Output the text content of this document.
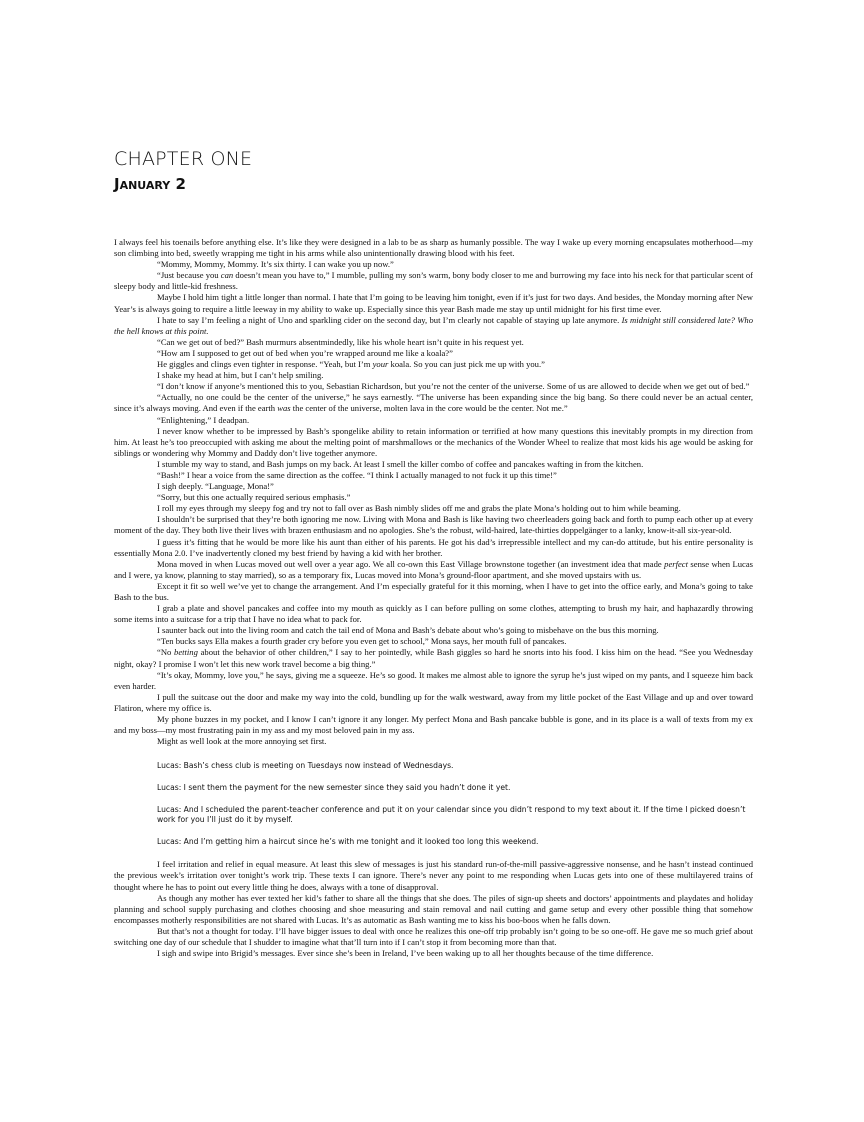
CHAPTER ONE
January 2

I always feel his toenails before anything else. It’s like they were designed in a lab to be as sharp as humanly possible. The way I wake up every morning encapsulates motherhood—my son climbing into bed, sweetly wrapping me tight in his arms while also unintentionally drawing blood with his feet.

“Mommy, Mommy, Mommy. It’s six thirty. I can wake you up now.”

“Just because you can doesn’t mean you have to,” I mumble, pulling my son’s warm, bony body closer to me and burrowing my face into his neck for that particular scent of sleepy body and little-kid freshness.

Maybe I hold him tight a little longer than normal. I hate that I’m going to be leaving him tonight, even if it’s just for two days. And besides, the Monday morning after New Year’s is always going to require a little leeway in my ability to wake up. Especially since this year Bash made me stay up until midnight for his first time ever.

I hate to say I’m feeling a night of Uno and sparkling cider on the second day, but I’m clearly not capable of staying up late anymore. Is midnight still considered late? Who the hell knows at this point.

“Can we get out of bed?” Bash murmurs absentmindedly, like his whole heart isn’t quite in his request yet.

“How am I supposed to get out of bed when you’re wrapped around me like a koala?”

He giggles and clings even tighter in response. “Yeah, but I’m your koala. So you can just pick me up with you.”

I shake my head at him, but I can’t help smiling.

“I don’t know if anyone’s mentioned this to you, Sebastian Richardson, but you’re not the center of the universe. Some of us are allowed to decide when we get out of bed.”

“Actually, no one could be the center of the universe,” he says earnestly. “The universe has been expanding since the big bang. So there could never be an actual center, since it’s always moving. And even if the earth was the center of the universe, molten lava in the core would be the center. Not me.”

“Enlightening,” I deadpan.

I never know whether to be impressed by Bash’s spongelike ability to retain information or terrified at how many questions this inevitably prompts in my direction from him. At least he’s too preoccupied with asking me about the melting point of marshmallows or the mechanics of the Wonder Wheel to realize that most kids his age would be asking for siblings or wondering why Mommy and Daddy don’t live together anymore.

I stumble my way to stand, and Bash jumps on my back. At least I smell the killer combo of coffee and pancakes wafting in from the kitchen.

“Bash!” I hear a voice from the same direction as the coffee. “I think I actually managed to not fuck it up this time!”

I sigh deeply. “Language, Mona!”

“Sorry, but this one actually required serious emphasis.”

I roll my eyes through my sleepy fog and try not to fall over as Bash nimbly slides off me and grabs the plate Mona’s holding out to him while beaming.

I shouldn’t be surprised that they’re both ignoring me now. Living with Mona and Bash is like having two cheerleaders going back and forth to pump each other up at every moment of the day. They both live their lives with brazen enthusiasm and no apologies. She’s the robust, wild-haired, late-thirties doppelgänger to a lanky, know-it-all six-year-old.

I guess it’s fitting that he would be more like his aunt than either of his parents. He got his dad’s irrepressible intellect and my can-do attitude, but his entire personality is essentially Mona 2.0. I’ve inadvertently cloned my best friend by having a kid with her brother.

Mona moved in when Lucas moved out well over a year ago. We all co-own this East Village brownstone together (an investment idea that made perfect sense when Lucas and I were, ya know, planning to stay married), so as a temporary fix, Lucas moved into Mona’s ground-floor apartment, and she moved upstairs with us.

Except it fit so well we’ve yet to change the arrangement. And I’m especially grateful for it this morning, when I have to get into the office early, and Mona’s going to take Bash to the bus.

I grab a plate and shovel pancakes and coffee into my mouth as quickly as I can before pulling on some clothes, attempting to brush my hair, and haphazardly throwing some items into a suitcase for a trip that I have no idea what to pack for.

I saunter back out into the living room and catch the tail end of Mona and Bash’s debate about who’s going to misbehave on the bus this morning.

“Ten bucks says Ella makes a fourth grader cry before you even get to school,” Mona says, her mouth full of pancakes.

“No betting about the behavior of other children,” I say to her pointedly, while Bash giggles so hard he snorts into his food. I kiss him on the head. “See you Wednesday night, okay? I promise I won’t let this new work travel become a big thing.”

“It’s okay, Mommy, love you,” he says, giving me a squeeze. He’s so good. It makes me almost able to ignore the syrup he’s just wiped on my pants, and I squeeze him back even harder.

I pull the suitcase out the door and make my way into the cold, bundling up for the walk westward, away from my little pocket of the East Village and up and over toward Flatiron, where my office is.

My phone buzzes in my pocket, and I know I can’t ignore it any longer. My perfect Mona and Bash pancake bubble is gone, and in its place is a wall of texts from my ex and my boss—my most frustrating pain in my ass and my most beloved pain in my ass.

Might as well look at the more annoying set first.

Lucas: Bash’s chess club is meeting on Tuesdays now instead of Wednesdays.

Lucas: I sent them the payment for the new semester since they said you hadn’t done it yet.

Lucas: And I scheduled the parent-teacher conference and put it on your calendar since you didn’t respond to my text about it. If the time I picked doesn’t work for you I’ll just do it by myself.

Lucas: And I’m getting him a haircut since he’s with me tonight and it looked too long this weekend.

I feel irritation and relief in equal measure. At least this slew of messages is just his standard run-of-the-mill passive-aggressive nonsense, and he hasn’t instead continued the previous week’s irritation over tonight’s work trip. These texts I can ignore. There’s never any point to me responding when Lucas gets into one of these multilayered trains of thought where he has to point out every little thing he does, always with a tone of disapproval.

As though any mother has ever texted her kid’s father to share all the things that she does. The piles of sign-up sheets and doctors’ appointments and playdates and holiday planning and school supply purchasing and clothes choosing and shoe measuring and stain removal and nail cutting and game setup and every other possible thing that somehow encompasses motherly responsibilities are not shared with Lucas. It’s as automatic as Bash wanting me to kiss his boo-boos when he falls down.

But that’s not a thought for today. I’ll have bigger issues to deal with once he realizes this one-off trip probably isn’t going to be so one-off. He gave me so much grief about switching one day of our schedule that I shudder to imagine what that’ll turn into if I can’t stop it from becoming more than that.

I sigh and swipe into Brigid’s messages. Ever since she’s been in Ireland, I’ve been waking up to all her thoughts because of the time difference.
